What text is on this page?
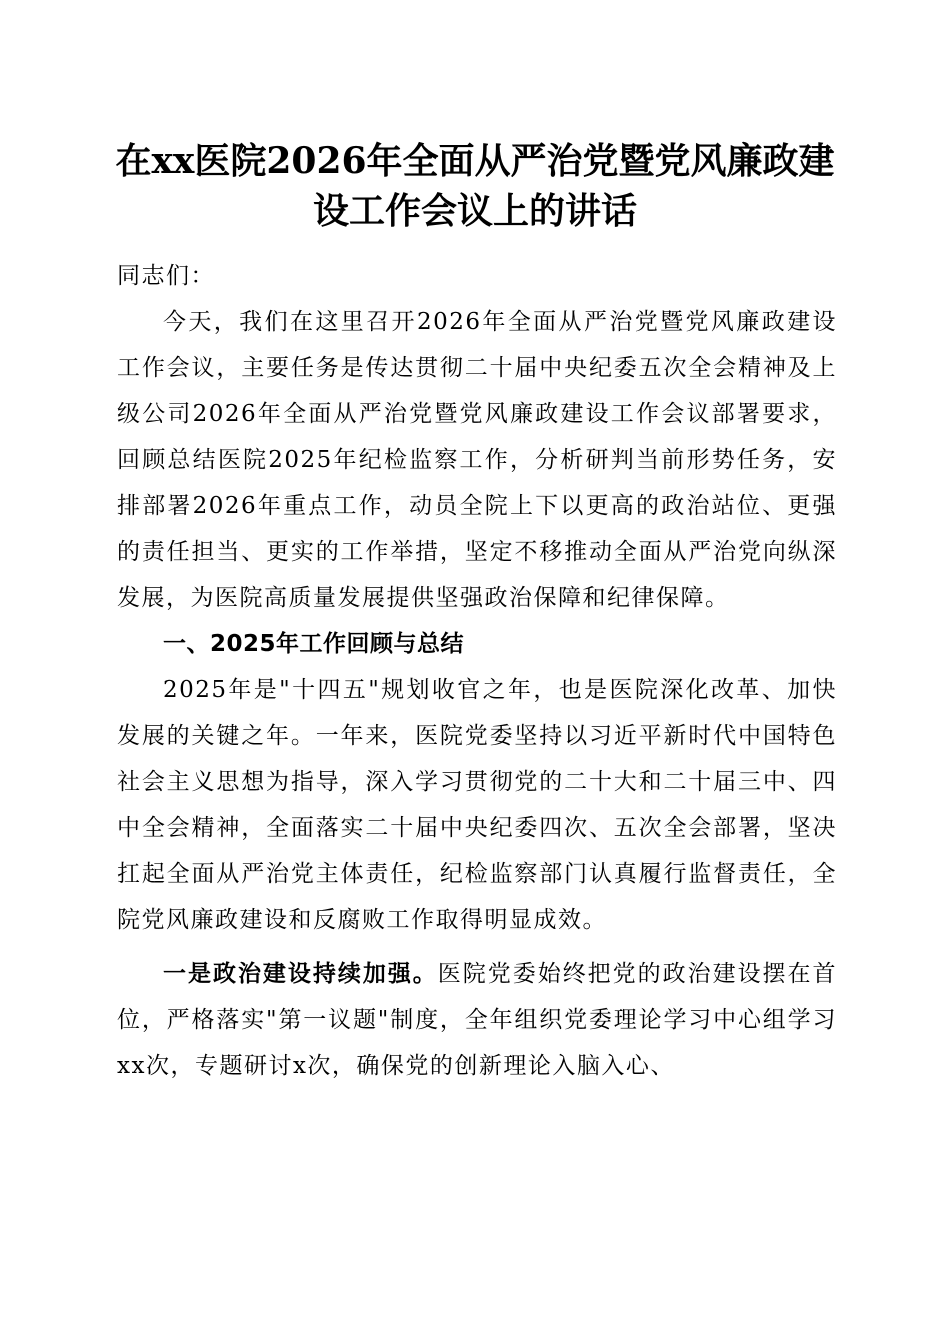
在xx医院2026年全面从严治党暨党风廉政建设工作会议上的讲话

同志们：

今天，我们在这里召开2026年全面从严治党暨党风廉政建设工作会议，主要任务是传达贯彻二十届中央纪委五次全会精神及上级公司2026年全面从严治党暨党风廉政建设工作会议部署要求，回顾总结医院2025年纪检监察工作，分析研判当前形势任务，安排部署2026年重点工作，动员全院上下以更高的政治站位、更强的责任担当、更实的工作举措，坚定不移推动全面从严治党向纵深发展，为医院高质量发展提供坚强政治保障和纪律保障。

一、2025年工作回顾与总结

2025年是"十四五"规划收官之年，也是医院深化改革、加快发展的关键之年。一年来，医院党委坚持以习近平新时代中国特色社会主义思想为指导，深入学习贯彻党的二十大和二十届三中、四中全会精神，全面落实二十届中央纪委四次、五次全会部署，坚决扛起全面从严治党主体责任，纪检监察部门认真履行监督责任，全院党风廉政建设和反腐败工作取得明显成效。

一是政治建设持续加强。医院党委始终把党的政治建设摆在首位，严格落实"第一议题"制度，全年组织党委理论学习中心组学习xx次，专题研讨x次，确保党的创新理论入脑入心、
